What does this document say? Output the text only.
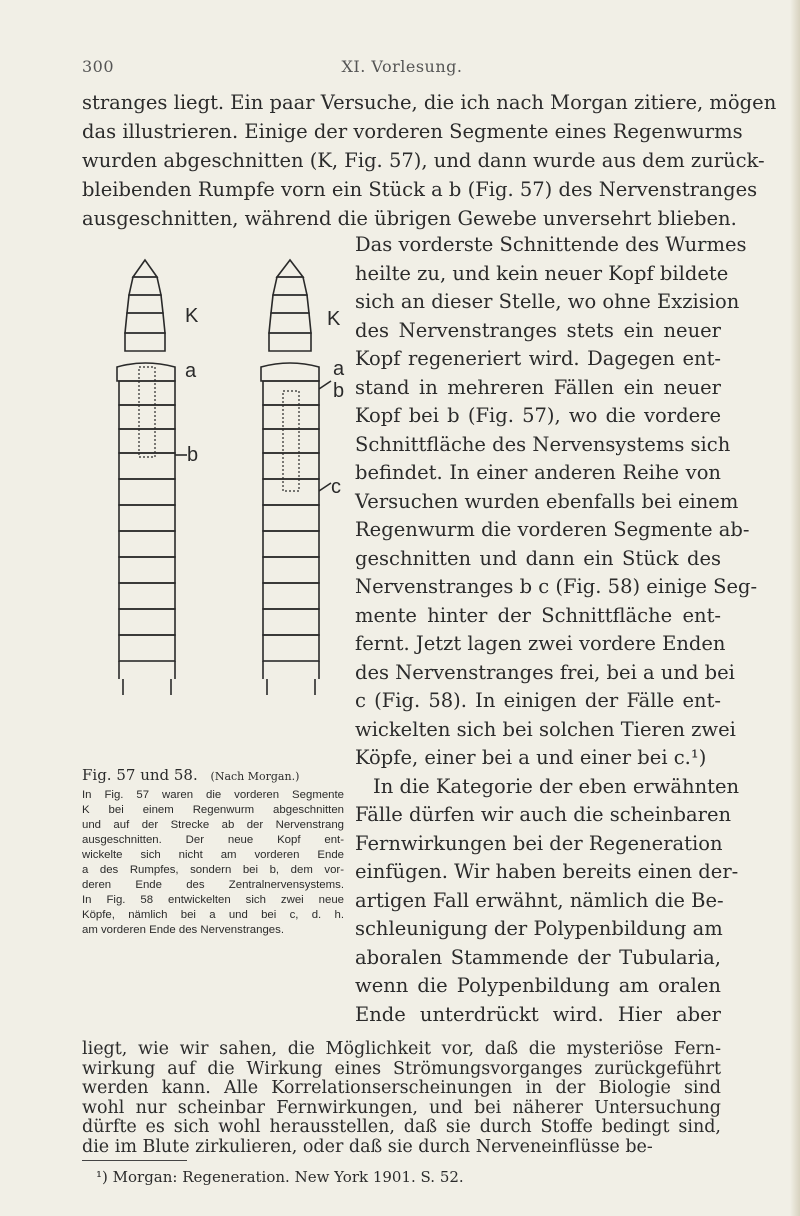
300	XI. Vorlesung.
stranges liegt. Ein paar Versuche, die ich nach Morgan zitiere, mögen
das illustrieren. Einige der vorderen Segmente eines Regenwurms
wurden abgeschnitten (K, Fig. 57), und dann wurde aus dem zurück-
bleibenden Rumpfe vorn ein Stück a b (Fig. 57) des Nervenstranges
ausgeschnitten, während die übrigen Gewebe unversehrt blieben.
Das vorderste Schnittende des Wurmes
heilte zu, und kein neuer Kopf bildete
sich an dieser Stelle, wo ohne Exzision
des Nervenstranges stets ein neuer
Kopf regeneriert wird. Dagegen ent-
stand in mehreren Fällen ein neuer
Kopf bei b (Fig. 57), wo die vordere
Schnittfläche des Nervensystems sich
befindet. In einer anderen Reihe von
Versuchen wurden ebenfalls bei einem
Regenwurm die vorderen Segmente ab-
geschnitten und dann ein Stück des
Nervenstranges b c (Fig. 58) einige Seg-
mente hinter der Schnittfläche ent-
fernt. Jetzt lagen zwei vordere Enden
des Nervenstranges frei, bei a und bei
c (Fig. 58). In einigen der Fälle ent-
wickelten sich bei solchen Tieren zwei
Köpfe, einer bei a und einer bei c.¹)
In die Kategorie der eben erwähnten
Fälle dürfen wir auch die scheinbaren
Fernwirkungen bei der Regeneration
einfügen. Wir haben bereits einen der-
artigen Fall erwähnt, nämlich die Be-
schleunigung der Polypenbildung am
aboralen Stammende der Tubularia,
wenn die Polypenbildung am oralen
Ende unterdrückt wird. Hier aber
liegt, wie wir sahen, die Möglichkeit vor, daß die mysteriöse Fern-
wirkung auf die Wirkung eines Strömungsvorganges zurückgeführt
werden kann. Alle Korrelationserscheinungen in der Biologie sind
wohl nur scheinbar Fernwirkungen, und bei näherer Untersuchung
K	K
a
b
a
b
c
Fig. 57 und 58. (Nach Morgan.)
In Fig. 57 waren die vorderen Segmente
K bei einem Regenwurm abgeschnitten
und auf der Strecke ab der Nervenstrang
ausgeschnitten. Der neue Kopf ent-
wickelte sich nicht am vorderen Ende
a des Rumpfes, sondern bei b, dem vor-
deren Ende des Zentralnervensystems.
In Fig. 58 entwickelten sich zwei neue
Köpfe, nämlich bei a und bei c, d. h.
am vorderen Ende des Nervenstranges.
dürfte es sich wohl herausstellen, daß sie durch Stoffe bedingt sind,
die im Blute zirkulieren, oder daß sie durch Nerveneinflüsse be-
¹) Morgan: Regeneration. New York 1901. S. 52.
